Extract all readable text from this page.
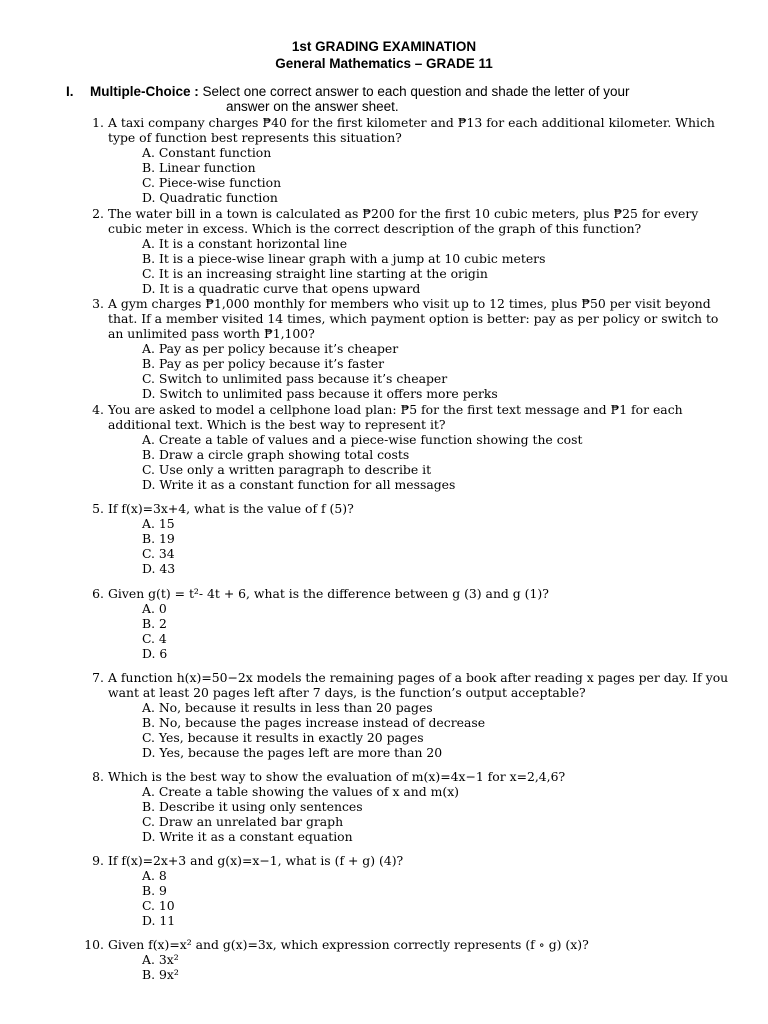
1st GRADING EXAMINATION
General Mathematics – GRADE 11
I. Multiple-Choice : Select one correct answer to each question and shade the letter of your
answer on the answer sheet.
1. A taxi company charges ₱40 for the first kilometer and ₱13 for each additional kilometer. Which type of function best represents this situation?
A. Constant function
B. Linear function
C. Piece-wise function
D. Quadratic function
2. The water bill in a town is calculated as ₱200 for the first 10 cubic meters, plus ₱25 for every cubic meter in excess. Which is the correct description of the graph of this function?
A. It is a constant horizontal line
B. It is a piece-wise linear graph with a jump at 10 cubic meters
C. It is an increasing straight line starting at the origin
D. It is a quadratic curve that opens upward
3. A gym charges ₱1,000 monthly for members who visit up to 12 times, plus ₱50 per visit beyond that. If a member visited 14 times, which payment option is better: pay as per policy or switch to an unlimited pass worth ₱1,100?
A. Pay as per policy because it’s cheaper
B. Pay as per policy because it’s faster
C. Switch to unlimited pass because it’s cheaper
D. Switch to unlimited pass because it offers more perks
4. You are asked to model a cellphone load plan: ₱5 for the first text message and ₱1 for each additional text. Which is the best way to represent it?
A. Create a table of values and a piece-wise function showing the cost
B. Draw a circle graph showing total costs
C. Use only a written paragraph to describe it
D. Write it as a constant function for all messages
5. If f(x)=3x+4, what is the value of f (5)?
A. 15
B. 19
C. 34
D. 43
6. Given g(t) = t²- 4t + 6, what is the difference between g (3) and g (1)?
A. 0
B. 2
C. 4
D. 6
7. A function h(x)=50−2x models the remaining pages of a book after reading x pages per day. If you want at least 20 pages left after 7 days, is the function’s output acceptable?
A. No, because it results in less than 20 pages
B. No, because the pages increase instead of decrease
C. Yes, because it results in exactly 20 pages
D. Yes, because the pages left are more than 20
8. Which is the best way to show the evaluation of m(x)=4x−1 for x=2,4,6?
A. Create a table showing the values of x and m(x)
B. Describe it using only sentences
C. Draw an unrelated bar graph
D. Write it as a constant equation
9. If f(x)=2x+3 and g(x)=x−1, what is (f + g) (4)?
A. 8
B. 9
C. 10
D. 11
10. Given f(x)=x² and g(x)=3x, which expression correctly represents (f ∘ g) (x)?
A. 3x²
B. 9x²
